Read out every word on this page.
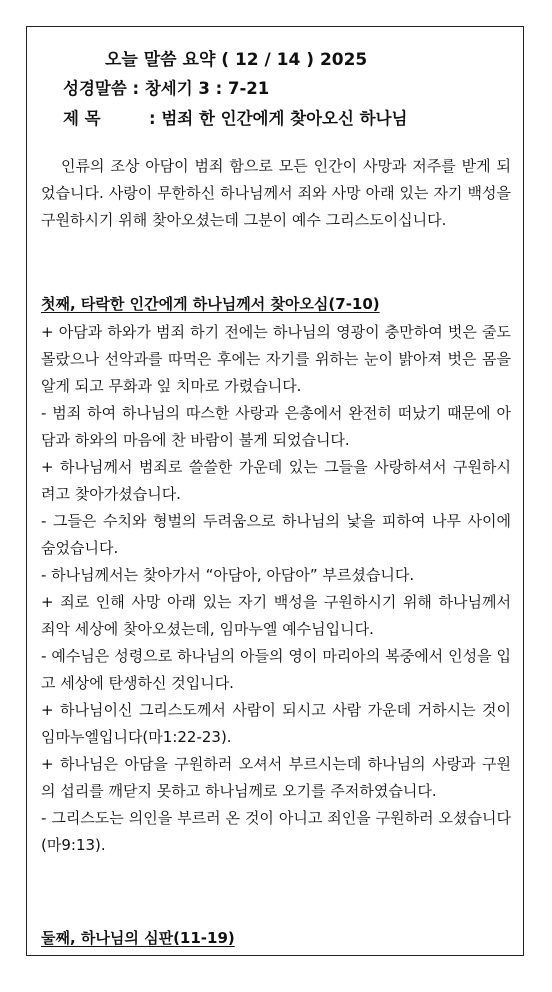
오늘 말씀 요약 ( 12 / 14 ) 2025
성경말씀 : 창세기 3 : 7-21
제 목	: 범죄 한 인간에게 찾아오신 하나님

인류의 조상 아담이 범죄 함으로 모든 인간이 사망과 저주를 받게 되었습니다. 사랑이 무한하신 하나님께서 죄와 사망 아래 있는 자기 백성을 구원하시기 위해 찾아오셨는데 그분이 예수 그리스도이십니다.

첫째, 타락한 인간에게 하나님께서 찾아오심(7-10)
+ 아담과 하와가 범죄 하기 전에는 하나님의 영광이 충만하여 벗은 줄도 몰랐으나 선악과를 따먹은 후에는 자기를 위하는 눈이 밝아져 벗은 몸을 알게 되고 무화과 잎 치마로 가렸습니다.
- 범죄 하여 하나님의 따스한 사랑과 은총에서 완전히 떠났기 때문에 아담과 하와의 마음에 찬 바람이 불게 되었습니다.
+ 하나님께서 범죄로 쓸쓸한 가운데 있는 그들을 사랑하셔서 구원하시려고 찾아가셨습니다.
- 그들은 수치와 형벌의 두려움으로 하나님의 낯을 피하여 나무 사이에 숨었습니다.
- 하나님께서는 찾아가서 “아담아, 아담아” 부르셨습니다.
+ 죄로 인해 사망 아래 있는 자기 백성을 구원하시기 위해 하나님께서 죄악 세상에 찾아오셨는데, 임마누엘 예수님입니다.
- 예수님은 성령으로 하나님의 아들의 영이 마리아의 복중에서 인성을 입고 세상에 탄생하신 것입니다.
+ 하나님이신 그리스도께서 사람이 되시고 사람 가운데 거하시는 것이 임마누엘입니다(마1:22-23).
+ 하나님은 아담을 구원하러 오셔서 부르시는데 하나님의 사랑과 구원의 섭리를 깨닫지 못하고 하나님께로 오기를 주저하였습니다.
- 그리스도는 의인을 부르러 온 것이 아니고 죄인을 구원하러 오셨습니다(마9:13).
둘째, 하나님의 심판(11-19)
